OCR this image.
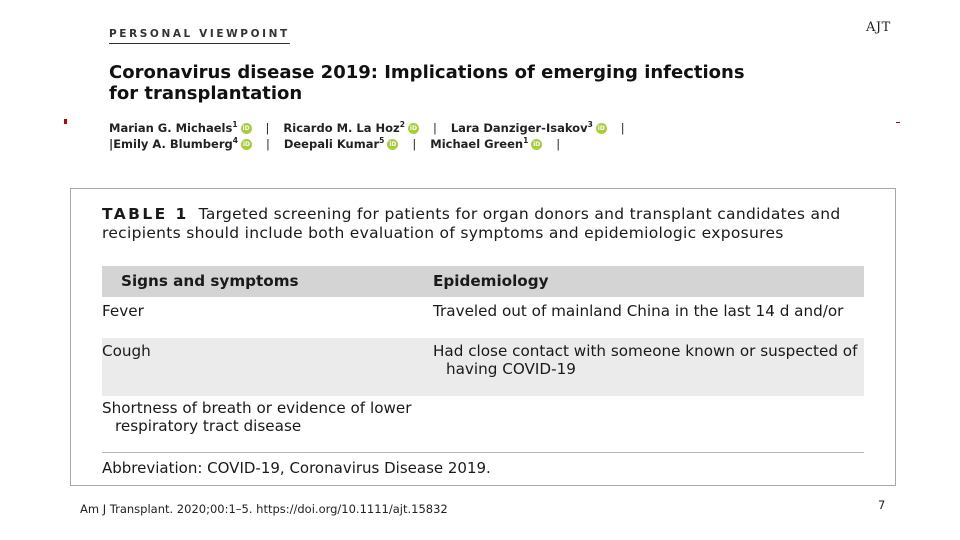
PERSONAL VIEWPOINT	AJT
Coronavirus disease 2019: Implications of emerging infections
for transplantation
Marian G. Michaels$^1$ iD | Ricardo M. La Hoz$^2$ iD | Lara Danziger-Isakov$^3$ iD |
|Emily A. Blumberg$^4$ iD | Deepali Kumar$^5$ iD | Michael Green$^1$ iD |
TABLE 1 Targeted screening for patients for organ donors and transplant candidates and recipients should include both evaluation of symptoms and epidemiologic exposures
Signs and symptoms	Epidemiology
Fever	Traveled out of mainland China in the last 14 d and/or
Cough	Had close contact with someone known or suspected of having COVID-19
Shortness of breath or evidence of lower respiratory tract disease
Abbreviation: COVID-19, Coronavirus Disease 2019.
Am J Transplant. 2020;00:1–5. https://doi.org/10.1111/ajt.15832	7
